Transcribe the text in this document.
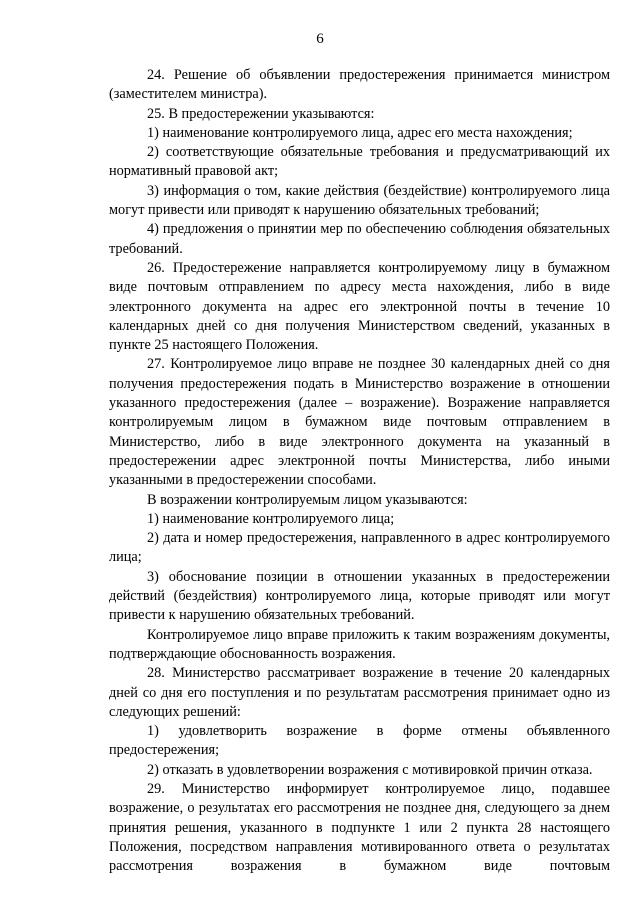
6

24. Решение об объявлении предостережения принимается министром (заместителем министра).

25. В предостережении указываются:

1) наименование контролируемого лица, адрес его места нахождения;

2) соответствующие обязательные требования и предусматривающий их нормативный правовой акт;

3) информация о том, какие действия (бездействие) контролируемого лица могут привести или приводят к нарушению обязательных требований;

4) предложения о принятии мер по обеспечению соблюдения обязательных требований.

26. Предостережение направляется контролируемому лицу в бумажном виде почтовым отправлением по адресу места нахождения, либо в виде электронного документа на адрес его электронной почты в течение 10 календарных дней со дня получения Министерством сведений, указанных в пункте 25 настоящего Положения.

27. Контролируемое лицо вправе не позднее 30 календарных дней со дня получения предостережения подать в Министерство возражение в отношении указанного предостережения (далее – возражение). Возражение направляется контролируемым лицом в бумажном виде почтовым отправлением в Министерство, либо в виде электронного документа на указанный в предостережении адрес электронной почты Министерства, либо иными указанными в предостережении способами.

В возражении контролируемым лицом указываются:

1) наименование контролируемого лица;

2) дата и номер предостережения, направленного в адрес контролируемого лица;

3) обоснование позиции в отношении указанных в предостережении действий (бездействия) контролируемого лица, которые приводят или могут привести к нарушению обязательных требований.

Контролируемое лицо вправе приложить к таким возражениям документы, подтверждающие обоснованность возражения.

28. Министерство рассматривает возражение в течение 20 календарных дней со дня его поступления и по результатам рассмотрения принимает одно из следующих решений:

1) удовлетворить возражение в форме отмены объявленного предостережения;

2) отказать в удовлетворении возражения с мотивировкой причин отказа.

29. Министерство информирует контролируемое лицо, подавшее возражение, о результатах его рассмотрения не позднее дня, следующего за днем принятия решения, указанного в подпункте 1 или 2 пункта 28 настоящего Положения, посредством направления мотивированного ответа о результатах рассмотрения возражения в бумажном виде почтовым
